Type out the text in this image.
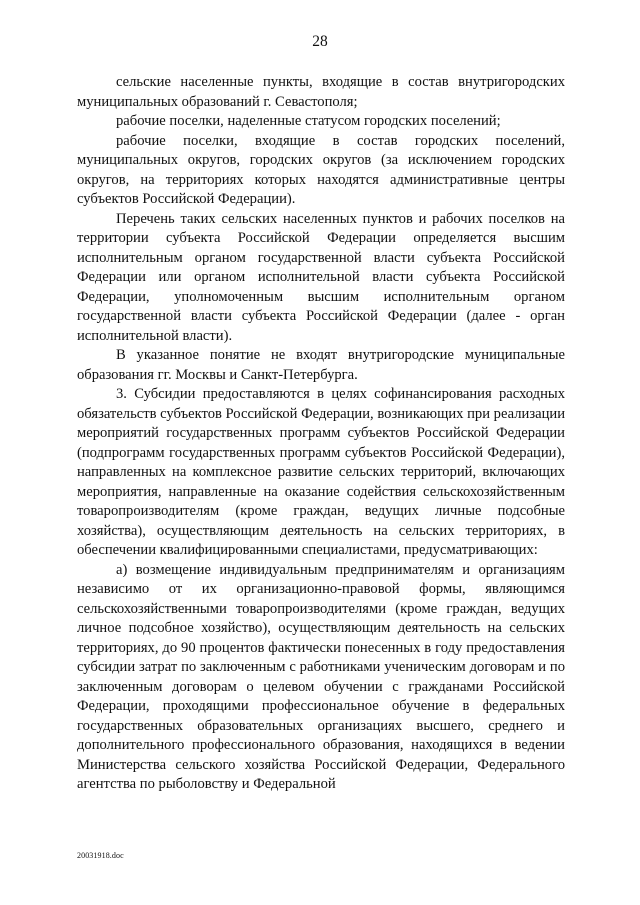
28

сельские населенные пункты, входящие в состав внутригородских муниципальных образований г. Севастополя;

рабочие поселки, наделенные статусом городских поселений;

рабочие поселки, входящие в состав городских поселений, муниципальных округов, городских округов (за исключением городских округов, на территориях которых находятся административные центры субъектов Российской Федерации).

Перечень таких сельских населенных пунктов и рабочих поселков на территории субъекта Российской Федерации определяется высшим исполнительным органом государственной власти субъекта Российской Федерации или органом исполнительной власти субъекта Российской Федерации, уполномоченным высшим исполнительным органом государственной власти субъекта Российской Федерации (далее - орган исполнительной власти).

В указанное понятие не входят внутригородские муниципальные образования гг. Москвы и Санкт-Петербурга.

3. Субсидии предоставляются в целях софинансирования расходных обязательств субъектов Российской Федерации, возникающих при реализации мероприятий государственных программ субъектов Российской Федерации (подпрограмм государственных программ субъектов Российской Федерации), направленных на комплексное развитие сельских территорий, включающих мероприятия, направленные на оказание содействия сельскохозяйственным товаропроизводителям (кроме граждан, ведущих личные подсобные хозяйства), осуществляющим деятельность на сельских территориях, в обеспечении квалифицированными специалистами, предусматривающих:

а) возмещение индивидуальным предпринимателям и организациям независимо от их организационно-правовой формы, являющимся сельскохозяйственными товаропроизводителями (кроме граждан, ведущих личное подсобное хозяйство), осуществляющим деятельность на сельских территориях, до 90 процентов фактически понесенных в году предоставления субсидии затрат по заключенным с работниками ученическим договорам и по заключенным договорам о целевом обучении с гражданами Российской Федерации, проходящими профессиональное обучение в федеральных государственных образовательных организациях высшего, среднего и дополнительного профессионального образования, находящихся в ведении Министерства сельского хозяйства Российской Федерации, Федерального агентства по рыболовству и Федеральной

20031918.doc
